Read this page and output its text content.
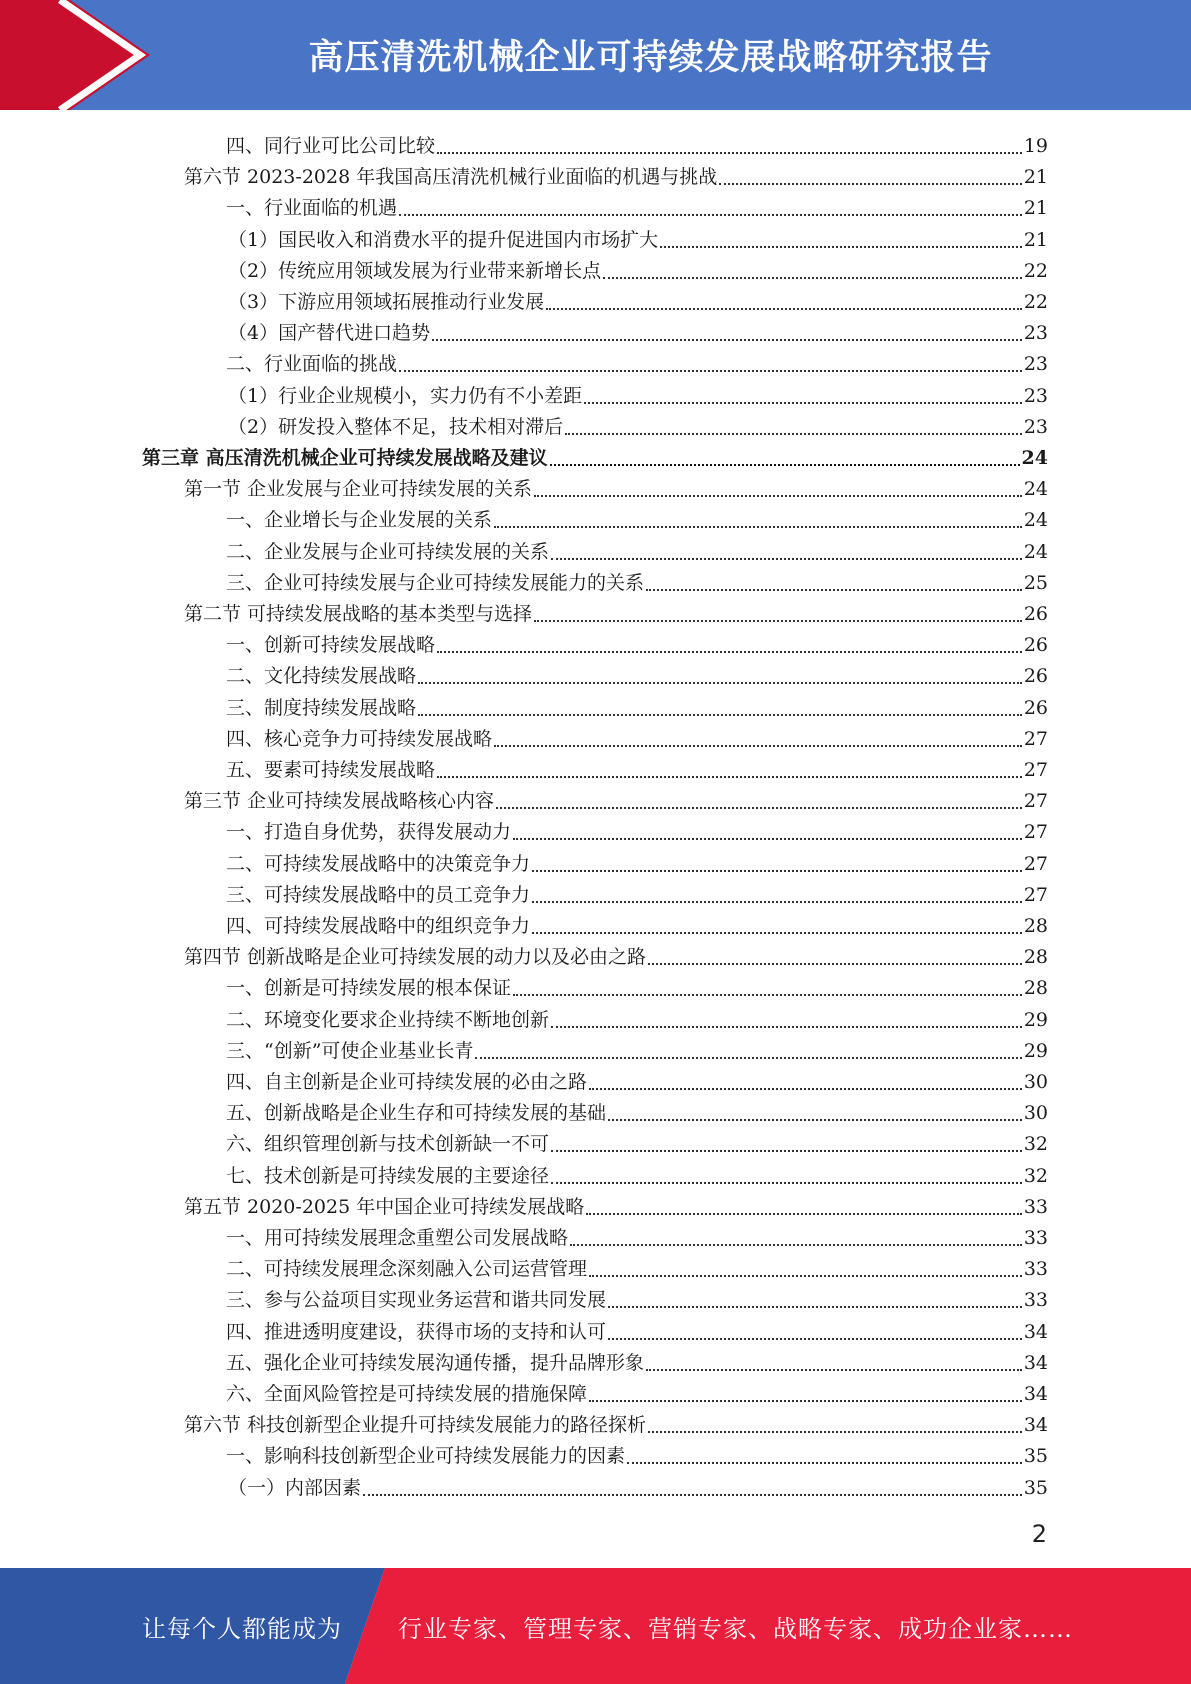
高压清洗机械企业可持续发展战略研究报告
四、同行业可比公司比较	19
第六节 2023-2028 年我国高压清洗机械行业面临的机遇与挑战	21
一、行业面临的机遇	21
（1）国民收入和消费水平的提升促进国内市场扩大	21
（2）传统应用领域发展为行业带来新增长点	22
（3）下游应用领域拓展推动行业发展	22
（4）国产替代进口趋势	23
二、行业面临的挑战	23
（1）行业企业规模小，实力仍有不小差距	23
（2）研发投入整体不足，技术相对滞后	23
第三章 高压清洗机械企业可持续发展战略及建议	24
第一节 企业发展与企业可持续发展的关系	24
一、企业增长与企业发展的关系	24
二、企业发展与企业可持续发展的关系	24
三、企业可持续发展与企业可持续发展能力的关系	25
第二节 可持续发展战略的基本类型与选择	26
一、创新可持续发展战略	26
二、文化持续发展战略	26
三、制度持续发展战略	26
四、核心竞争力可持续发展战略	27
五、要素可持续发展战略	27
第三节 企业可持续发展战略核心内容	27
一、打造自身优势，获得发展动力	27
二、可持续发展战略中的决策竞争力	27
三、可持续发展战略中的员工竞争力	27
四、可持续发展战略中的组织竞争力	28
第四节 创新战略是企业可持续发展的动力以及必由之路	28
一、创新是可持续发展的根本保证	28
二、环境变化要求企业持续不断地创新	29
三、“创新”可使企业基业长青	29
四、自主创新是企业可持续发展的必由之路	30
五、创新战略是企业生存和可持续发展的基础	30
六、组织管理创新与技术创新缺一不可	32
七、技术创新是可持续发展的主要途径	32
第五节 2020-2025 年中国企业可持续发展战略	33
一、用可持续发展理念重塑公司发展战略	33
二、可持续发展理念深刻融入公司运营管理	33
三、参与公益项目实现业务运营和谐共同发展	33
四、推进透明度建设，获得市场的支持和认可	34
五、强化企业可持续发展沟通传播，提升品牌形象	34
六、全面风险管控是可持续发展的措施保障	34
第六节 科技创新型企业提升可持续发展能力的路径探析	34
一、影响科技创新型企业可持续发展能力的因素	35
（一）内部因素	35
2
让每个人都能成为 行业专家、管理专家、营销专家、战略专家、成功企业家……
